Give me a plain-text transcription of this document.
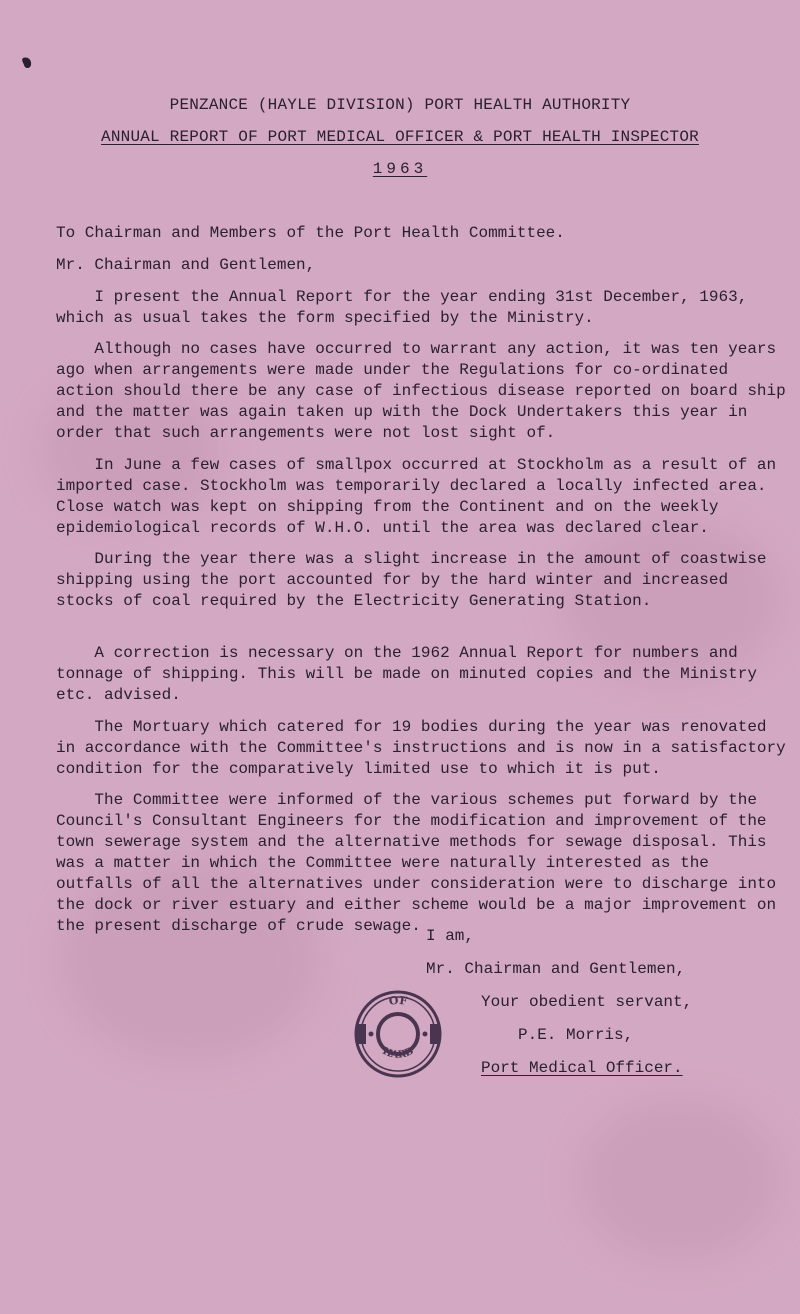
PENZANCE (HAYLE DIVISION) PORT HEALTH AUTHORITY
ANNUAL REPORT OF PORT MEDICAL OFFICER & PORT HEALTH INSPECTOR
1963
To Chairman and Members of the Port Health Committee.
Mr. Chairman and Gentlemen,
I present the Annual Report for the year ending 31st December, 1963, which as usual takes the form specified by the Ministry.
Although no cases have occurred to warrant any action, it was ten years ago when arrangements were made under the Regulations for co-ordinated action should there be any case of infectious disease reported on board ship and the matter was again taken up with the Dock Undertakers this year in order that such arrangements were not lost sight of.
In June a few cases of smallpox occurred at Stockholm as a result of an imported case. Stockholm was temporarily declared a locally infected area. Close watch was kept on shipping from the Continent and on the weekly epidemiological records of W.H.O. until the area was declared clear.
During the year there was a slight increase in the amount of coastwise shipping using the port accounted for by the hard winter and increased stocks of coal required by the Electricity Generating Station.
A correction is necessary on the 1962 Annual Report for numbers and tonnage of shipping. This will be made on minuted copies and the Ministry etc. advised.
The Mortuary which catered for 19 bodies during the year was renovated in accordance with the Committee's instructions and is now in a satisfactory condition for the comparatively limited use to which it is put.
The Committee were informed of the various schemes put forward by the Council's Consultant Engineers for the modification and improvement of the town sewerage system and the alternative methods for sewage disposal. This was a matter in which the Committee were naturally interested as the outfalls of all the alternatives under consideration were to discharge into the dock or river estuary and either scheme would be a major improvement on the present discharge of crude sewage.
I am,
Mr. Chairman and Gentlemen,
Your obedient servant,
P.E. Morris,
Port Medical Officer.
OF
HARB
